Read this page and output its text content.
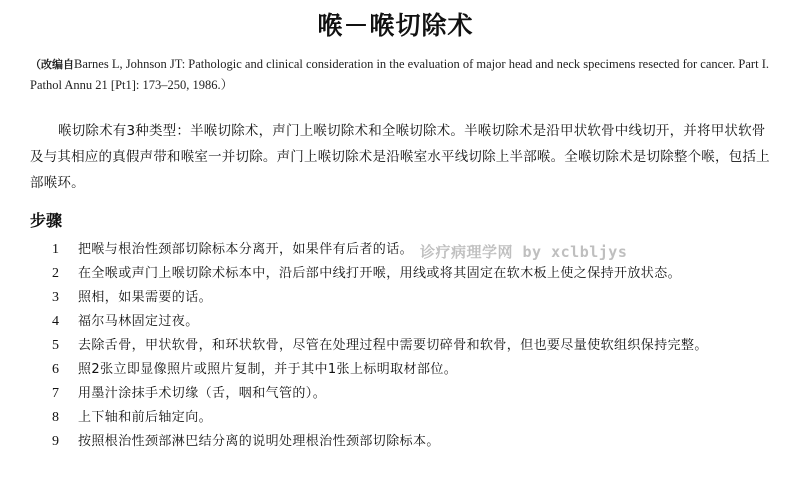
喉－喉切除术
（改编自Barnes L, Johnson JT: Pathologic and clinical consideration in the evaluation of major head and neck specimens resected for cancer. Part I. Pathol Annu 21 [Pt1]: 173–250, 1986.）
喉切除术有3种类型：半喉切除术，声门上喉切除术和全喉切除术。半喉切除术是沿甲状软骨中线切开，并将甲状软骨及与其相应的真假声带和喉室一并切除。声门上喉切除术是沿喉室水平线切除上半部喉。全喉切除术是切除整个喉，包括上部喉环。
步骤
1	把喉与根治性颈部切除标本分离开，如果伴有后者的话。
2	在全喉或声门上喉切除术标本中，沿后部中线打开喉，用线或将其固定在软木板上使之保持开放状态。
3	照相，如果需要的话。
4	福尔马林固定过夜。
5	去除舌骨，甲状软骨，和环状软骨，尽管在处理过程中需要切碎骨和软骨，但也要尽量使软组织保持完整。
6	照2张立即显像照片或照片复制，并于其中1张上标明取材部位。
7	用墨汁涂抹手术切缘（舌，咽和气管的）。
8	上下轴和前后轴定向。
9	按照根治性颈部淋巴结分离的说明处理根治性颈部切除标本。
诊疗病理学网 by xclbljys
